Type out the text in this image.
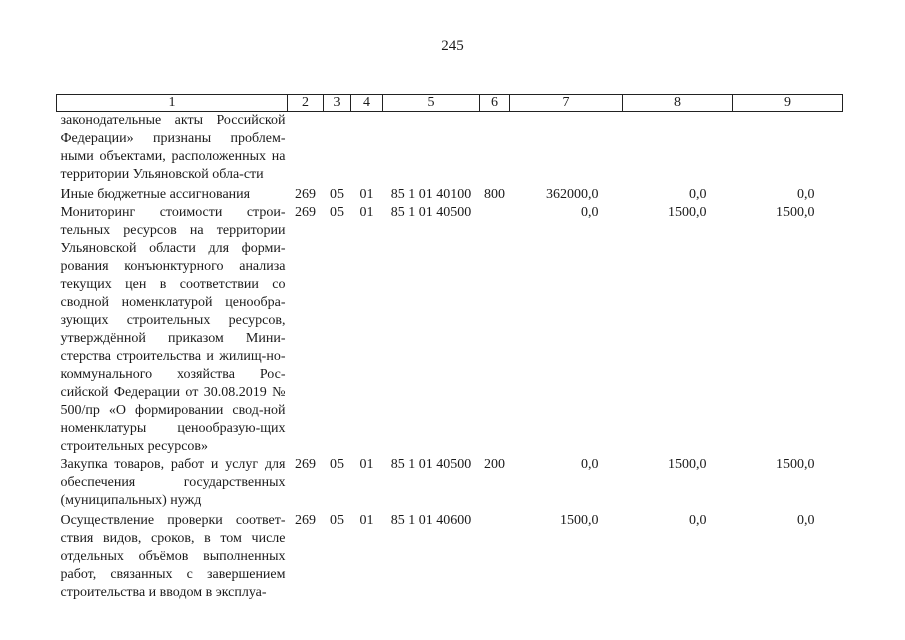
245
1	2	3	4	5	6	7	8	9
законодательные акты Российской Федерации» признаны проблем-ными объектами, расположенных на территории Ульяновской обла-сти								
Иные бюджетные ассигнования	269	05	01	85 1 01 40100	800	362000,0	0,0	0,0
Мониторинг стоимости строи-тельных ресурсов на территории Ульяновской области для форми-рования конъюнктурного анализа текущих цен в соответствии со сводной номенклатурой ценообра-зующих строительных ресурсов, утверждённой приказом Мини-стерства строительства и жилищ-но-коммунального хозяйства Рос-сийской Федерации от 30.08.2019 № 500/пр «О формировании свод-ной номенклатуры ценообразую-щих строительных ресурсов»	269	05	01	85 1 01 40500		0,0	1500,0	1500,0
Закупка товаров, работ и услуг для обеспечения государственных (муниципальных) нужд	269	05	01	85 1 01 40500	200	0,0	1500,0	1500,0
Осуществление проверки соответ-ствия видов, сроков, в том числе отдельных объёмов выполненных работ, связанных с завершением строительства и вводом в эксплуа-	269	05	01	85 1 01 40600		1500,0	0,0	0,0
